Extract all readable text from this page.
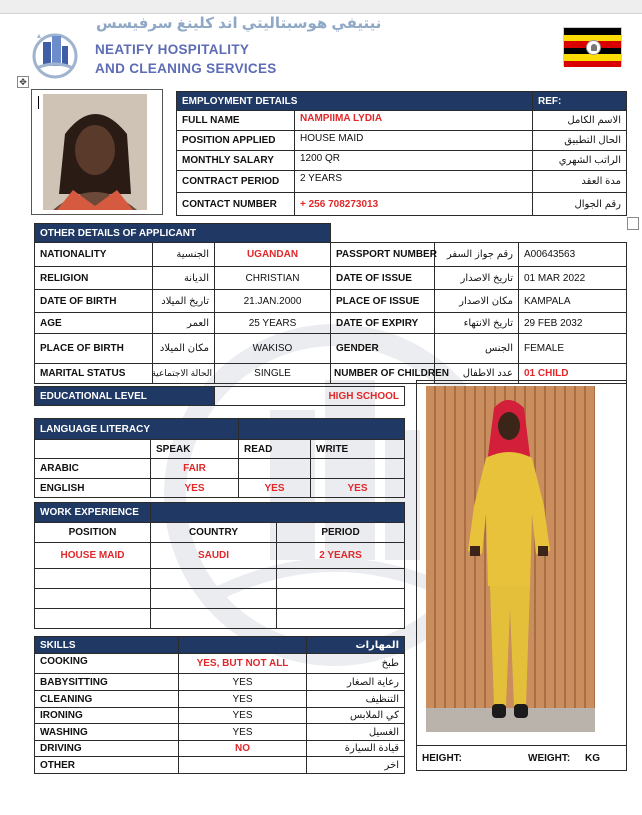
نيتيفي هوسبتاليتي اند كلينغ سرفيسس
NEATIFY HOSPITALITY
AND CLEANING SERVICES
✥
EMPLOYMENT DETAILS		REF:
FULL NAME	NAMPIIMA LYDIA	الاسم الكامل
POSITION APPLIED	HOUSE MAID	الحال التطبيق
MONTHLY SALARY	1200 QR	الراتب الشهري
CONTRACT PERIOD	2 YEARS	مدة العقد
CONTACT NUMBER	+ 256 708273013	رقم الجوال
OTHER DETAILS OF APPLICANT					
NATIONALITY	الجنسية	UGANDAN	PASSPORT NUMBER	رقم جواز السفر	A00643563
RELIGION	الديانة	CHRISTIAN	DATE OF ISSUE	تاريخ الاصدار	01 MAR 2022
DATE OF BIRTH	تاريخ الميلاد	21.JAN.2000	PLACE OF ISSUE	مكان الاصدار	KAMPALA
AGE	العمر	25 YEARS	DATE OF EXPIRY	تاريخ الانتهاء	29 FEB 2032
PLACE OF BIRTH	مكان الميلاد	WAKISO	GENDER	الجنس	FEMALE
MARITAL STATUS	الحالة الاجتماعية	SINGLE	NUMBER OF CHILDREN	عدد الاطفال	01 CHILD
EDUCATIONAL LEVEL	HIGH SCHOOL
LANGUAGE LITERACY			
	SPEAK	READ	WRITE
ARABIC	FAIR		
ENGLISH	YES	YES	YES
WORK EXPERIENCE		
POSITION	COUNTRY	PERIOD
HOUSE MAID	SAUDI	2 YEARS

SKILLS		المهارات
COOKING	YES, BUT NOT ALL	طبخ
BABYSITTING	YES	رعاية الصغار
CLEANING	YES	التنظيف
IRONING	YES	كي الملابس
WASHING	YES	الغسيل
DRIVING	NO	قيادة السيارة
OTHER		اخر
HEIGHT:	WEIGHT: KG
